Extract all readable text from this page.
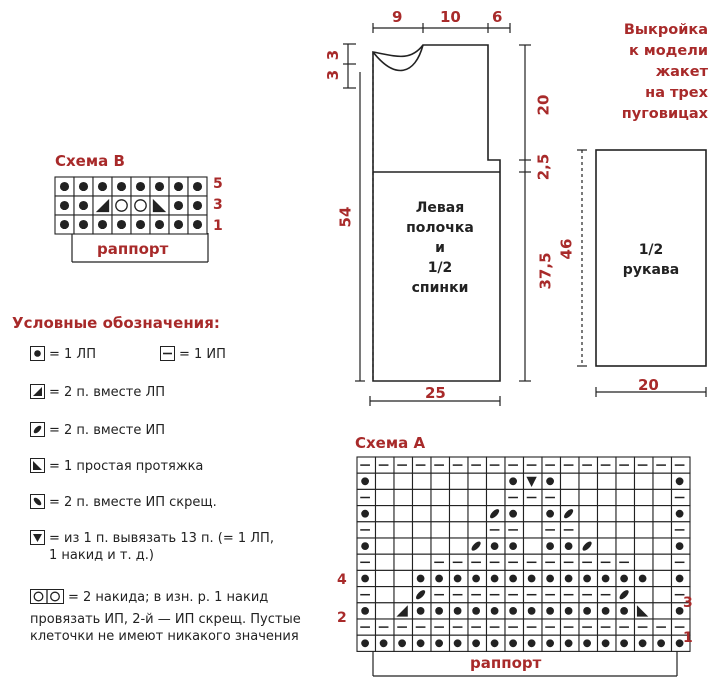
Выкройка
к модели
жакет
на трех
пуговицах
9	10 6
3
3
20
2,5
37,5
54
25
Левая
полочка
и
1/2
спинки
1/2
рукава
46
20
Схема В
5
3
1
раппорт
Схема А
4
2
3
1
раппорт
Условные обозначения:
= 1 ЛП	= 1 ИП
= 2 п. вместе ЛП
= 2 п. вместе ИП
= 1 простая протяжка
= 2 п. вместе ИП скрещ.
= из 1 п. вывязать 13 п. (= 1 ЛП,
1 накид и т. д.)
= 2 накида; в изн. р. 1 накид
провязать ИП, 2-й — ИП скрещ. Пустые клеточки не имеют никакого значения
